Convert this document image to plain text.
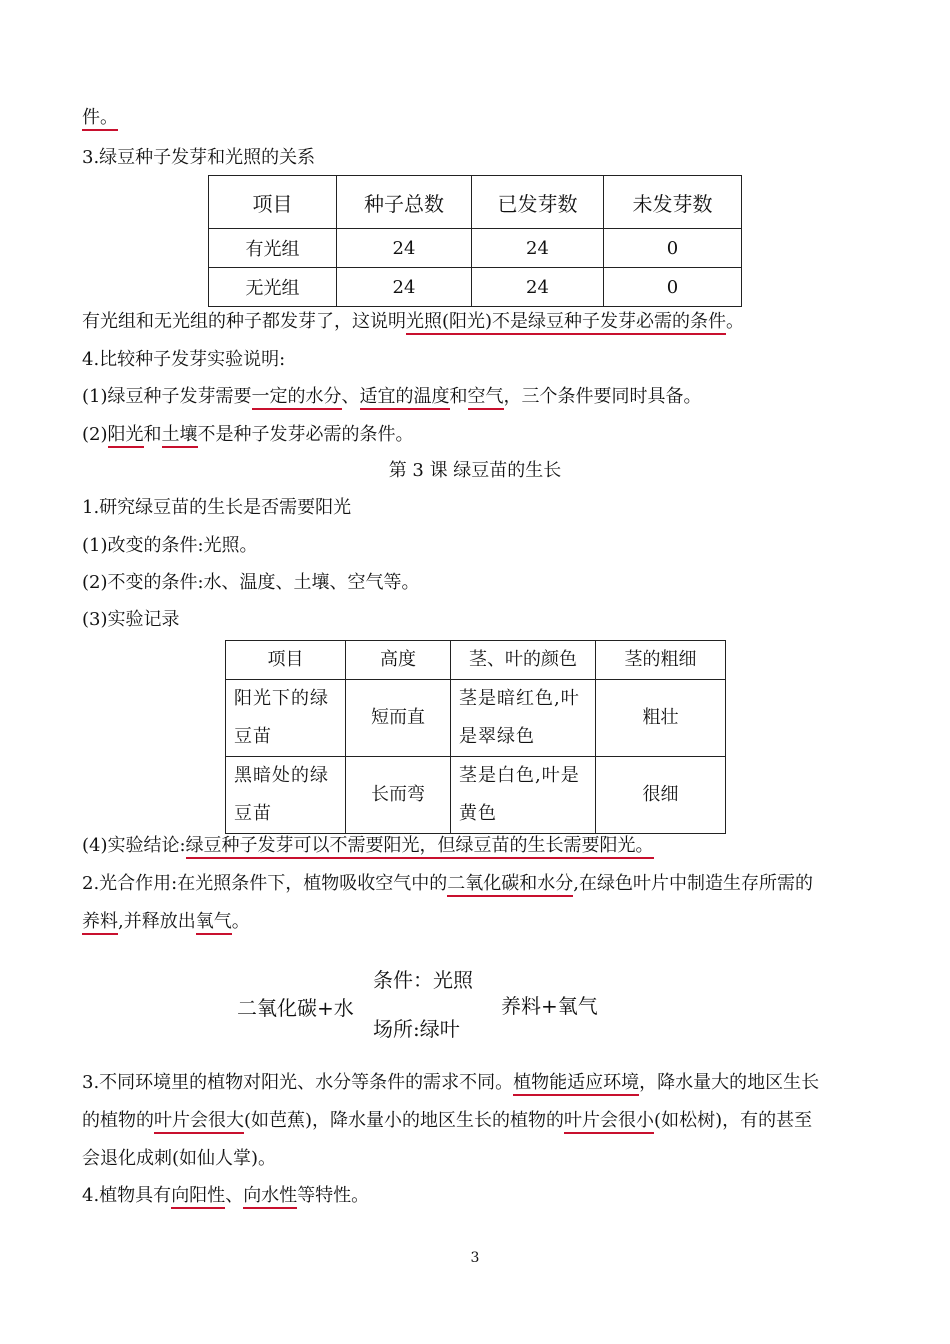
件。
3.绿豆种子发芽和光照的关系
项目	种子总数	已发芽数	未发芽数
有光组	24	24	0
无光组	24	24	0
有光组和无光组的种子都发芽了，这说明光照(阳光)不是绿豆种子发芽必需的条件。
4.比较种子发芽实验说明:
(1)绿豆种子发芽需要一定的水分、适宜的温度和空气，三个条件要同时具备。
(2)阳光和土壤不是种子发芽必需的条件。
第 3 课 绿豆苗的生长
1.研究绿豆苗的生长是否需要阳光
(1)改变的条件:光照。
(2)不变的条件:水、温度、土壤、空气等。
(3)实验记录
项目	高度	茎、叶的颜色	茎的粗细
阳光下的绿豆苗	短而直	茎是暗红色,叶是翠绿色	粗壮
黑暗处的绿豆苗	长而弯	茎是白色,叶是黄色	很细
(4)实验结论:绿豆种子发芽可以不需要阳光，但绿豆苗的生长需要阳光。
2.光合作用:在光照条件下，植物吸收空气中的二氧化碳和水分,在绿色叶片中制造生存所需的
养料,并释放出氧气。
条件：光照
二氧化碳+水	养料+氧气
场所:绿叶
3.不同环境里的植物对阳光、水分等条件的需求不同。植物能适应环境，降水量大的地区生长
的植物的叶片会很大(如芭蕉)，降水量小的地区生长的植物的叶片会很小(如松树)，有的甚至
会退化成刺(如仙人掌)。
4.植物具有向阳性、向水性等特性。
3
